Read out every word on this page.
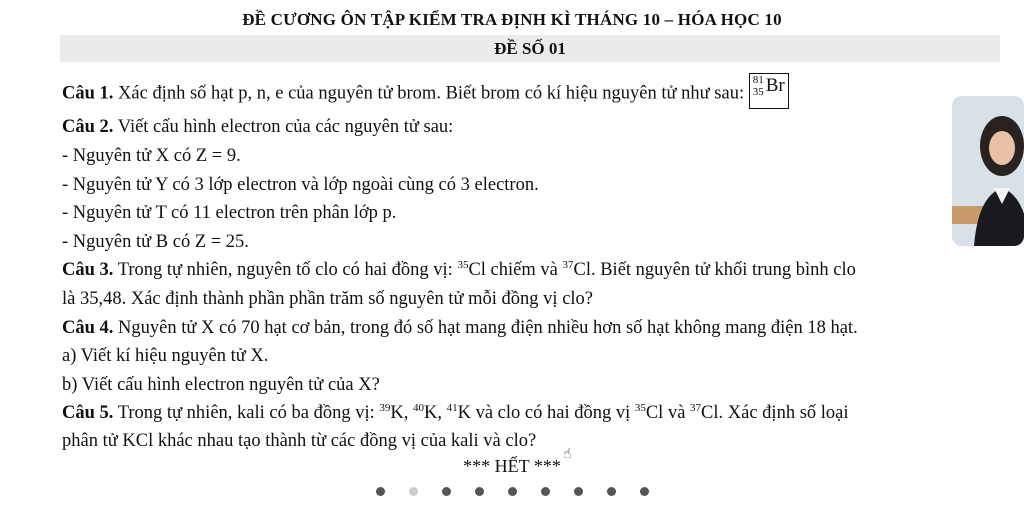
ĐỀ CƯƠNG ÔN TẬP KIỂM TRA ĐỊNH KÌ THÁNG 10 – HÓA HỌC 10
ĐỀ SỐ 01
Câu 1. Xác định số hạt p, n, e của nguyên tử brom. Biết brom có kí hiệu nguyên tử như sau:
81
35 Br
Câu 2. Viết cấu hình electron của các nguyên tử sau:
- Nguyên tử X có Z = 9.
- Nguyên tử Y có 3 lớp electron và lớp ngoài cùng có 3 electron.
- Nguyên tử T có 11 electron trên phân lớp p.
- Nguyên tử B có Z = 25.
Câu 3. Trong tự nhiên, nguyên tố clo có hai đồng vị: $^{35}$Cl chiếm và $^{37}$Cl. Biết nguyên tử khối trung bình clo
là 35,48. Xác định thành phần phần trăm số nguyên tử mỗi đồng vị clo?
Câu 4. Nguyên tử X có 70 hạt cơ bản, trong đó số hạt mang điện nhiều hơn số hạt không mang điện 18 hạt.
a) Viết kí hiệu nguyên tử X.
b) Viết cấu hình electron nguyên tử của X?
Câu 5. Trong tự nhiên, kali có ba đồng vị: $^{39}$K, $^{40}$K, $^{41}$K và clo có hai đồng vị $^{35}$Cl và $^{37}$Cl. Xác định số loại
phân tử KCl khác nhau tạo thành từ các đồng vị của kali và clo?
*** HẾT ***
☝
